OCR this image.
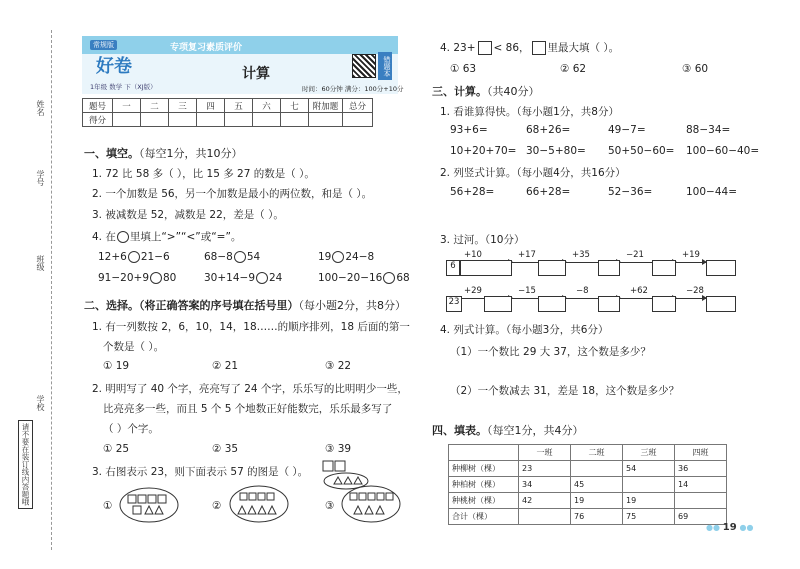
姓名
学号
班级
学校
请不要在装订线内答题哦
常规版
好卷
专项复习素质评价
计算
1年级 数学 下（XJ版）
错题本
时间：60分钟 满分：100分+10分
题号	一	二	三	四	五	六	七	附加题	总分
得分									
一、填空。（每空1分，共10分）
1. 72 比 58 多（ ），比 15 多 27 的数是（ ）。
2. 一个加数是 56，另一个加数是最小的两位数，和是（ ）。
3. 被减数是 52，减数是 22，差是（ ）。
4. 在 里填上“>”“<”或“=”。
12+6 21−6	68−8 54	19 24−8
91−20+9 80	30+14−9 24	100−20−16 68
二、选择。（将正确答案的序号填在括号里）（每小题2分，共8分）
1. 有一列数按 2，6，10，14，18……的顺序排列，18 后面的第一
个数是（ ）。
① 19	② 21	③ 22
2. 明明写了 40 个字，亮亮写了 24 个字，乐乐写的比明明少一些，
比亮亮多一些，而且 5 个 5 个地数正好能数完，乐乐最多写了
（ ）个字。
① 25	② 35	③ 39
3. 右图表示 23，则下面表示 57 的图是（ ）。
①	②	③
4. 23+ < 86， 里最大填（ ）。
① 63	② 62	③ 60
三、计算。（共40分）
1. 看谁算得快。（每小题1分，共8分）
93+6=	68+26=	49−7=	88−34=
10+20+70= 30−5+80= 50+50−60= 100−60−40=
2. 列竖式计算。（每小题4分，共16分）
56+28=	66+28=	52−36=	100−44=
3. 过河。（10分）
6
+10	+17	+35	−21	+19
23
+29	−15	−8	+62	−28
4. 列式计算。（每小题3分，共6分）
（1）一个数比 29 大 37，这个数是多少？
（2）一个数减去 31，差是 18，这个数是多少？
四、填表。（每空1分，共4分）
	一班	二班	三班	四班
种柳树（棵）	23		54	36
种柏树（棵）	34	45		14
种桃树（棵）	42	19	19	
合计（棵）		76	75	69
●● 19 ●●
